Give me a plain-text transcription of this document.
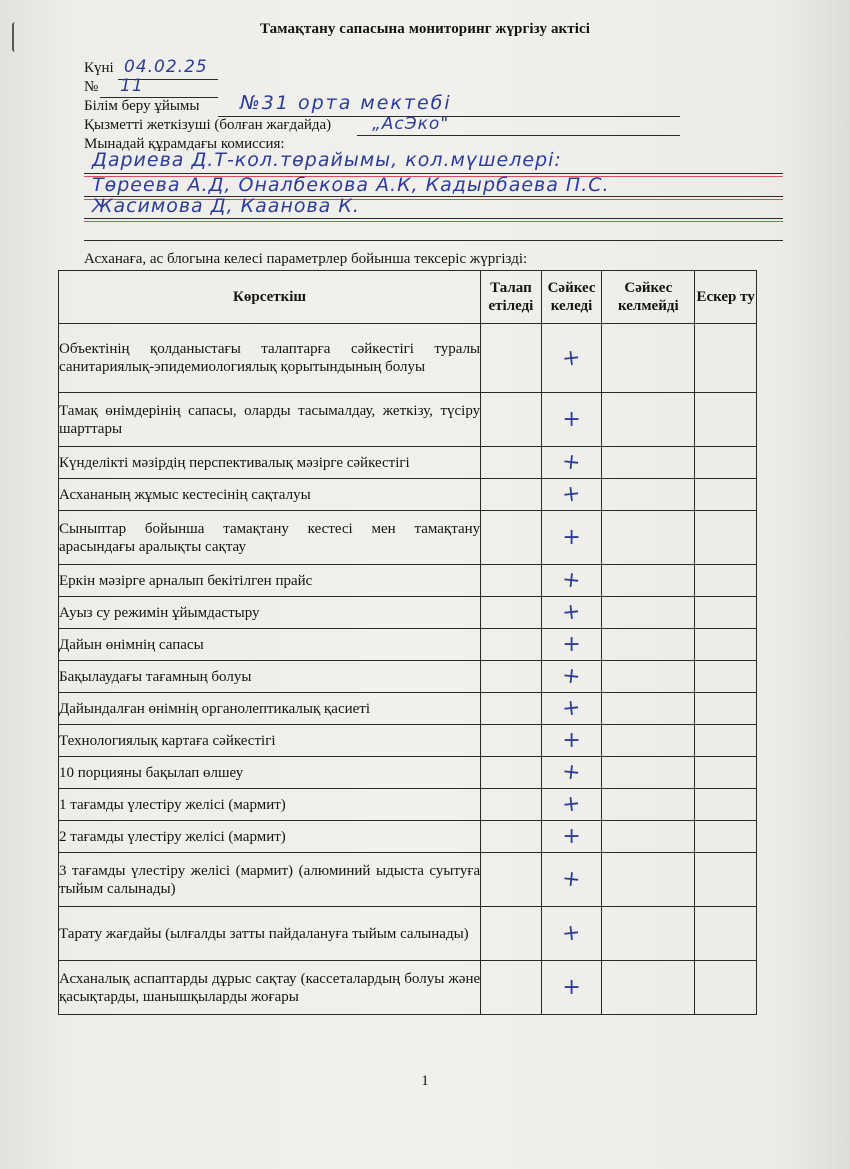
Тамақтану сапасына мониторинг жүргізу актісі
Күні 04.02.25
№ 11
Білім беру ұйымы №31 орта мектебі
Қызметті жеткізуші (болған жағдайда) „АсЭко"
Мынадай құрамдағы комиссия:
Дариева Д.Т-кол.төрайымы, кол.мүшелері:
Төреева А.Д, Оналбекова А.К, Кадырбаева П.С.
Жасимова Д, Каанова К.
Асханаға, ас блогына келесі параметрлер бойынша тексеріс жүргізді:
Көрсеткіш	Талап етіледі	Сәйкес келеді	Сәйкес келмейді	Ескер ту
Объектінің қолданыстағы талаптарға сәйкестігі туралы санитариялық-эпидемиологиялық қорытындының болуы		+		
Тамақ өнімдерінің сапасы, оларды тасымалдау, жеткізу, түсіру шарттары		+		
Күнделікті мәзірдің перспективалық мәзірге сәйкестігі		+		
Асхананың жұмыс кестесінің сақталуы		+		
Сыныптар бойынша тамақтану кестесі мен тамақтану арасындағы аралықты сақтау		+		
Еркін мәзірге арналып бекітілген прайс		+		
Ауыз су режимін ұйымдастыру		+		
Дайын өнімнің сапасы		+		
Бақылаудағы тағамның болуы		+		
Дайындалған өнімнің органолептикалық қасиеті		+		
Технологиялық картаға сәйкестігі		+		
10 порцияны бақылап өлшеу		+		
1 тағамды үлестіру желісі (мармит)		+		
2 тағамды үлестіру желісі (мармит)		+		
3 тағамды үлестіру желісі (мармит) (алюминий ыдыста суытуға тыйым салынады)		+		
Тарату жағдайы (ылғалды затты пайдалануға тыйым салынады)		+		
Асханалық аспаптарды дұрыс сақтау (кассеталардың болуы және қасықтарды, шанышқыларды жоғары		+		
1
